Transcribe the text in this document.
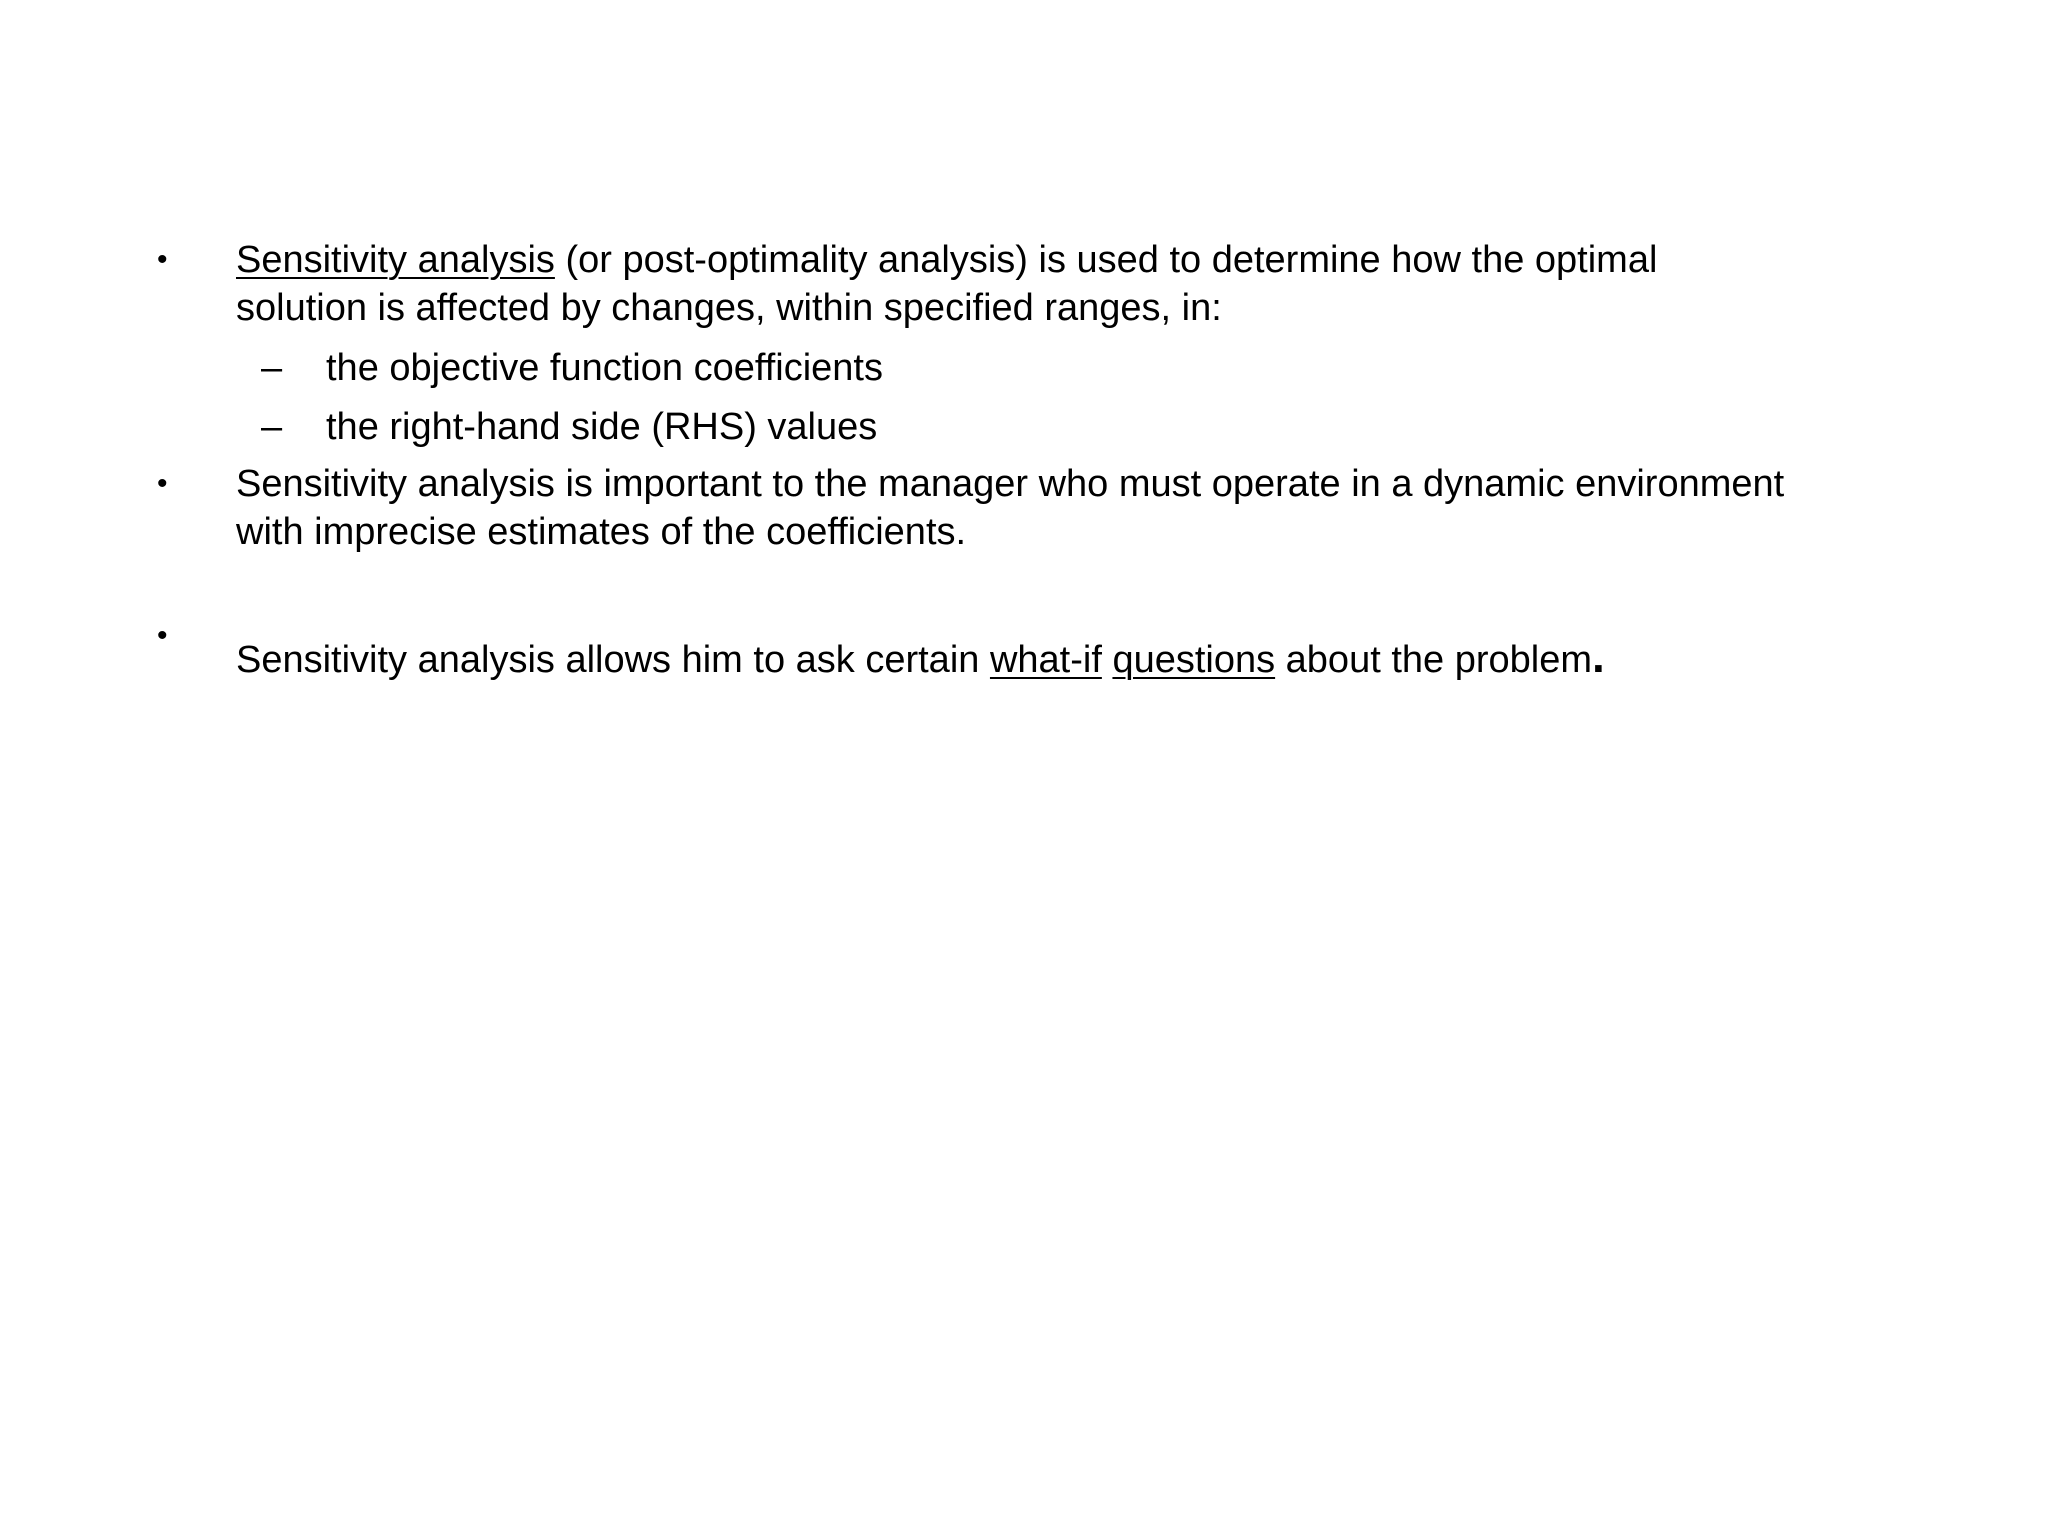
• Sensitivity analysis (or post-optimality analysis) is used to determine how the optimal solution is affected by changes, within specified ranges, in:
– the objective function coefficients
– the right-hand side (RHS) values
• Sensitivity analysis is important to the manager who must operate in a dynamic environment with imprecise estimates of the coefficients.
•
Sensitivity analysis allows him to ask certain what-if questions about the problem.
